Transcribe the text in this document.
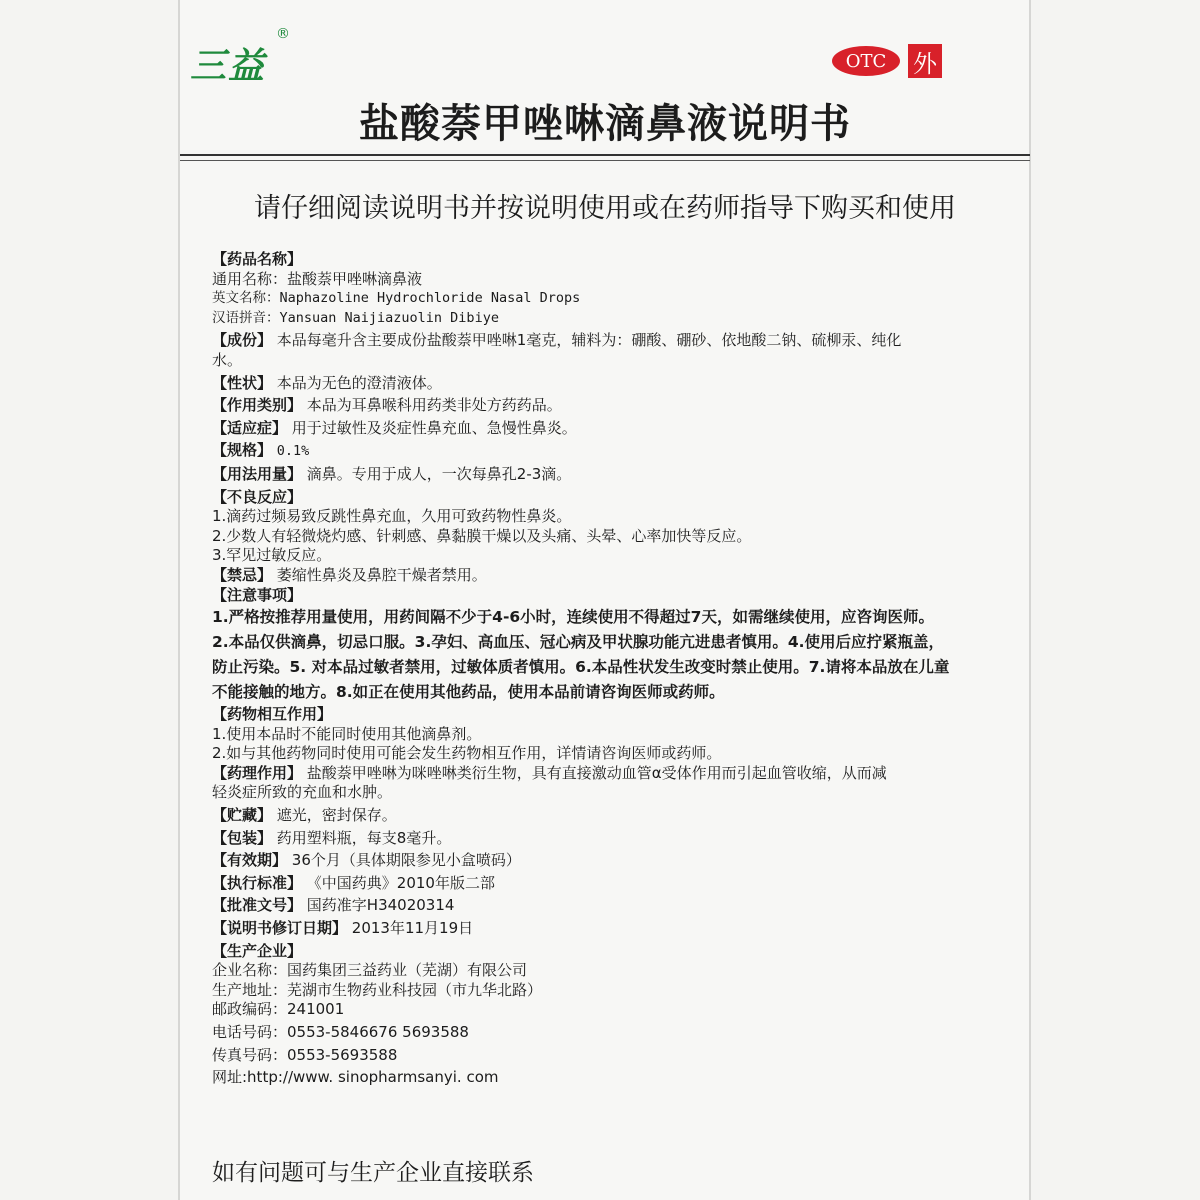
三益
®
OTC	外
盐酸萘甲唑啉滴鼻液说明书
请仔细阅读说明书并按说明使用或在药师指导下购买和使用
【药品名称】
通用名称：盐酸萘甲唑啉滴鼻液
英文名称：Naphazoline Hydrochloride Nasal Drops
汉语拼音：Yansuan Naijiazuolin Dibiye
【成份】 本品每毫升含主要成份盐酸萘甲唑啉1毫克，辅料为：硼酸、硼砂、依地酸二钠、硫柳汞、纯化
水。
【性状】 本品为无色的澄清液体。
【作用类别】 本品为耳鼻喉科用药类非处方药药品。
【适应症】 用于过敏性及炎症性鼻充血、急慢性鼻炎。
【规格】 0.1%
【用法用量】 滴鼻。专用于成人，一次每鼻孔2-3滴。
【不良反应】
1.滴药过频易致反跳性鼻充血，久用可致药物性鼻炎。
2.少数人有轻微烧灼感、针刺感、鼻黏膜干燥以及头痛、头晕、心率加快等反应。
3.罕见过敏反应。
【禁忌】 萎缩性鼻炎及鼻腔干燥者禁用。
【注意事项】
1.严格按推荐用量使用，用药间隔不少于4-6小时，连续使用不得超过7天，如需继续使用，应咨询医师。
2.本品仅供滴鼻，切忌口服。3.孕妇、高血压、冠心病及甲状腺功能亢进患者慎用。4.使用后应拧紧瓶盖，
防止污染。5. 对本品过敏者禁用，过敏体质者慎用。6.本品性状发生改变时禁止使用。7.请将本品放在儿童
不能接触的地方。8.如正在使用其他药品，使用本品前请咨询医师或药师。
【药物相互作用】
1.使用本品时不能同时使用其他滴鼻剂。
2.如与其他药物同时使用可能会发生药物相互作用，详情请咨询医师或药师。
【药理作用】 盐酸萘甲唑啉为咪唑啉类衍生物，具有直接激动血管α受体作用而引起血管收缩，从而减
轻炎症所致的充血和水肿。
【贮藏】 遮光，密封保存。
【包装】 药用塑料瓶，每支8毫升。
【有效期】 36个月（具体期限参见小盒喷码）
【执行标准】 《中国药典》2010年版二部
【批准文号】 国药准字H34020314
【说明书修订日期】 2013年11月19日
【生产企业】
企业名称：国药集团三益药业（芜湖）有限公司
生产地址：芜湖市生物药业科技园（市九华北路）
邮政编码：241001
电话号码：0553-5846676 5693588
传真号码：0553-5693588
网址:http://www. sinopharmsanyi. com
如有问题可与生产企业直接联系
